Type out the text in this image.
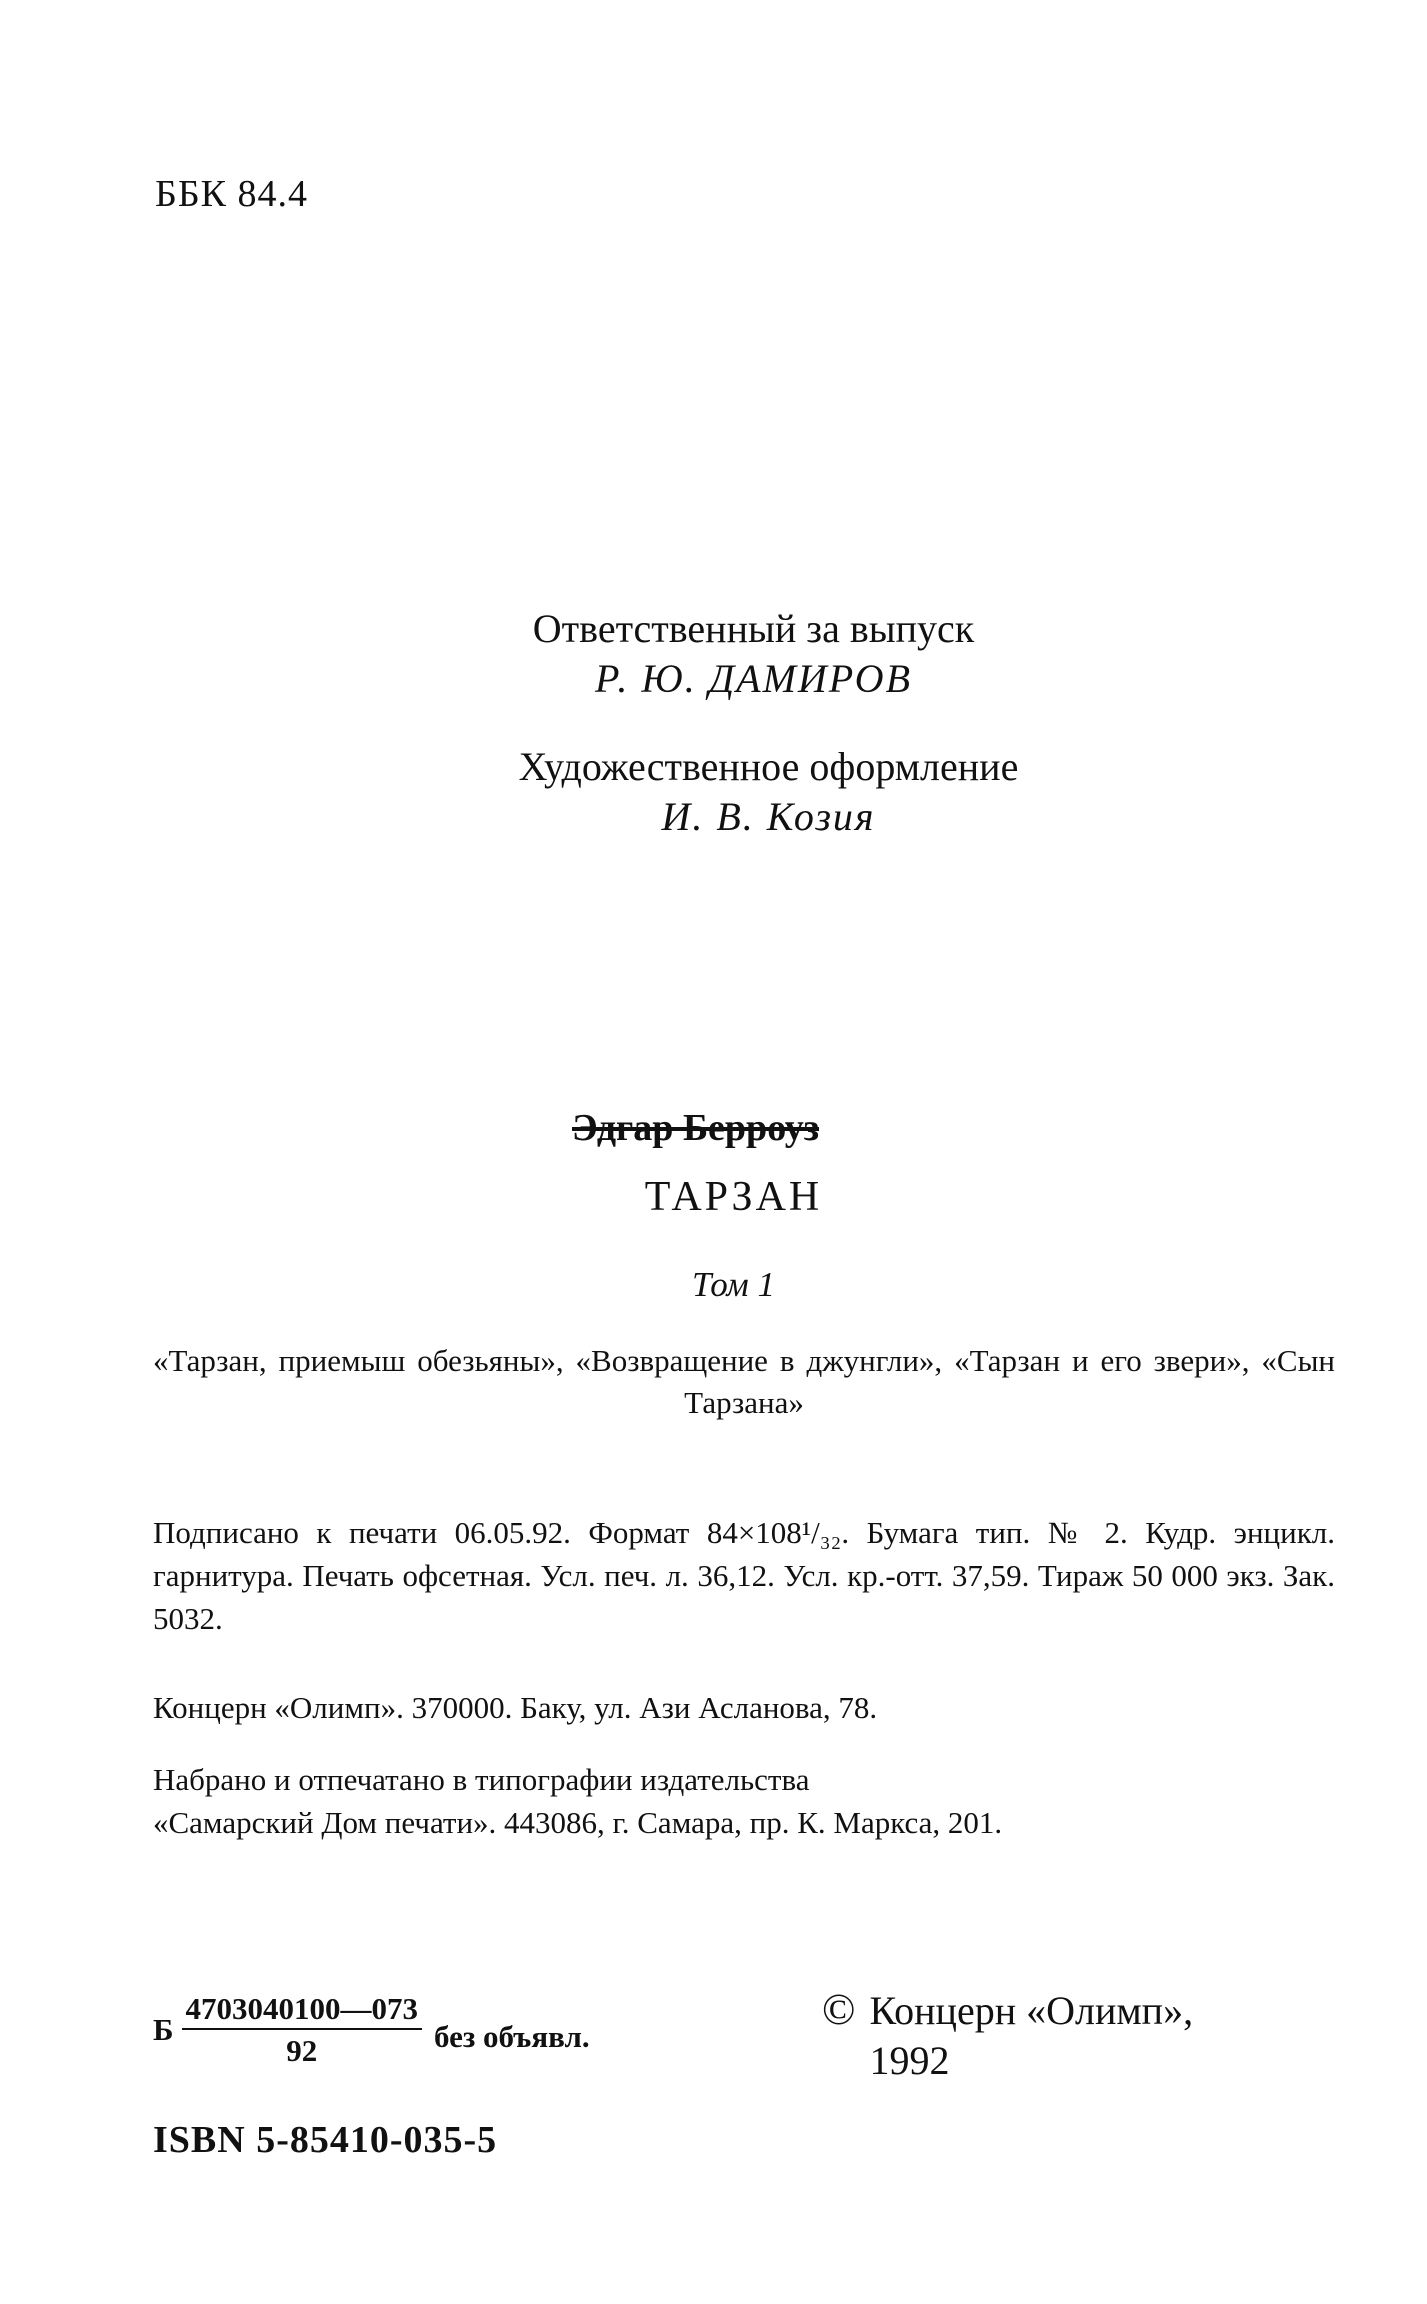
ББК 84.4
Ответственный за выпуск
Р. Ю. ДАМИРОВ
Художественное оформление
И. В. Козия
Эдгар Берроуз
ТАРЗАН
Том 1
«Тарзан, приемыш обезьяны», «Возвращение в джунгли», «Тарзан и его звери», «Сын Тарзана»
Подписано к печати 06.05.92. Формат 84×108¹/₃₂. Бумага тип. № 2. Кудр. энцикл. гарнитура. Печать офсетная. Усл. печ. л. 36,12. Усл. кр.-отт. 37,59. Тираж 50 000 экз. Зак. 5032.
Концерн «Олимп». 370000. Баку, ул. Ази Асланова, 78.
Набрано и отпечатано в типографии издательства
«Самарский Дом печати». 443086, г. Самара, пр. К. Маркса, 201.
Б $\frac{4703040100—073}{92}$ без объявл.
© Концерн «Олимп»,
1992
ISBN 5-85410-035-5
